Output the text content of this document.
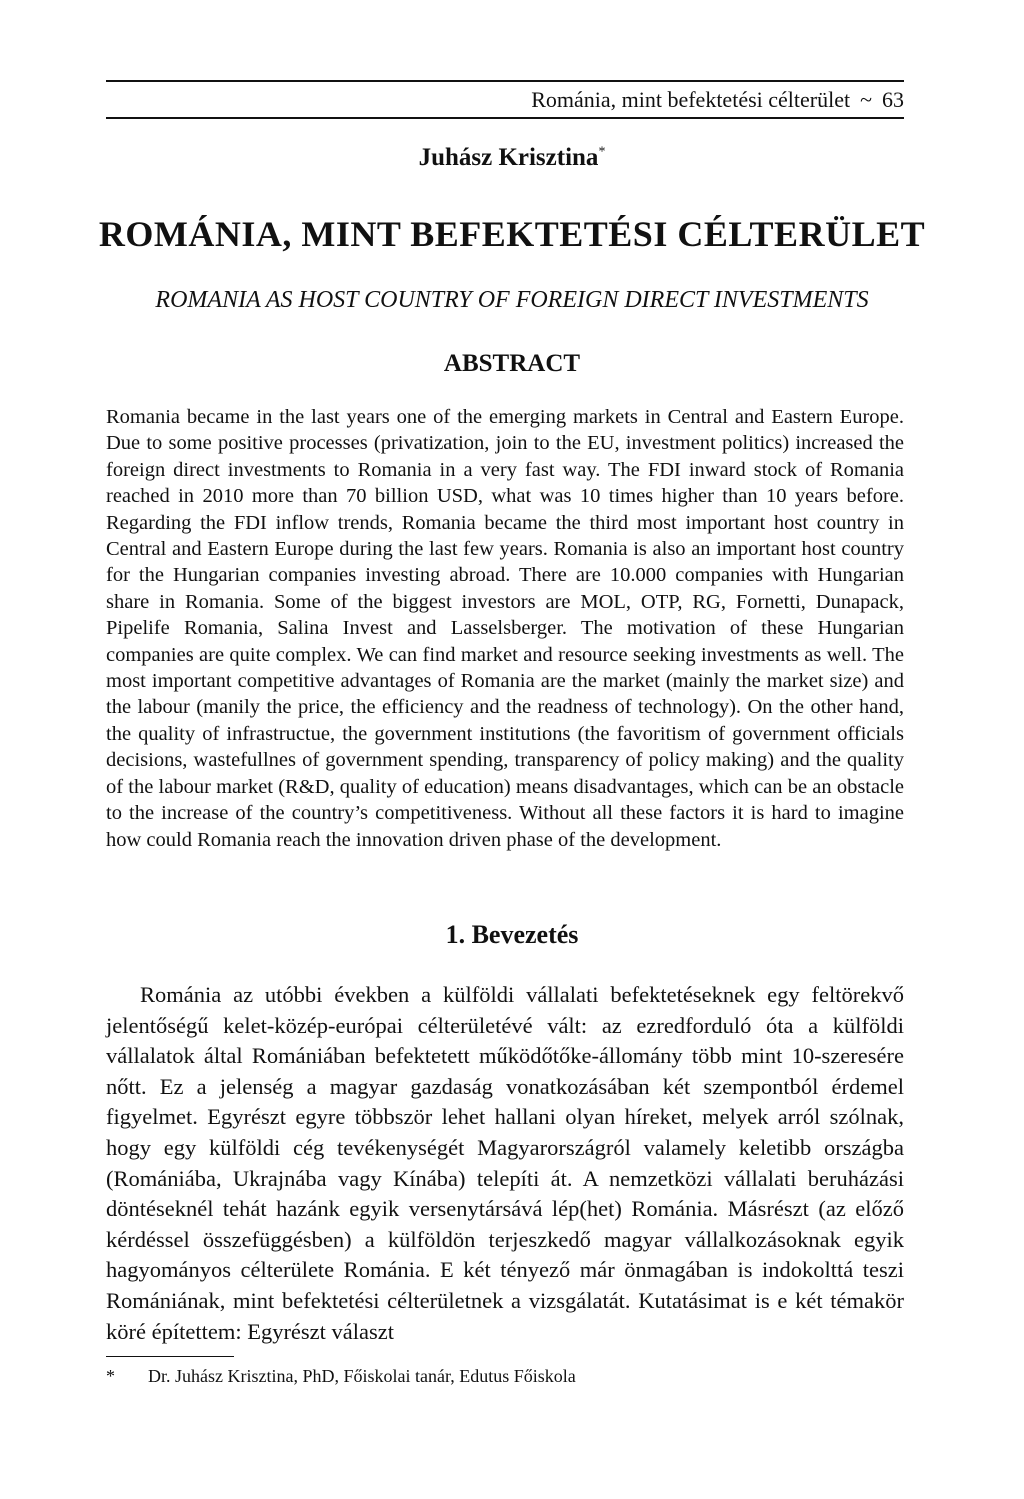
Románia, mint befektetési célterület ~ 63
Juhász Krisztina*
ROMÁNIA, MINT BEFEKTETÉSI CÉLTERÜLET
ROMANIA AS HOST COUNTRY OF FOREIGN DIRECT INVESTMENTS
ABSTRACT

Romania became in the last years one of the emerging markets in Central and Eastern Europe. Due to some positive processes (privatization, join to the EU, investment politics) increased the foreign direct investments to Romania in a very fast way. The FDI inward stock of Romania reached in 2010 more than 70 billion USD, what was 10 times higher than 10 years before. Regarding the FDI inflow trends, Romania became the third most important host country in Central and Eastern Europe during the last few years. Romania is also an important host country for the Hungarian companies investing abroad. There are 10.000 companies with Hungarian share in Romania. Some of the biggest investors are MOL, OTP, RG, Fornetti, Dunapack, Pipelife Romania, Salina Invest and Lasselsberger. The motivation of these Hungarian companies are quite complex. We can find market and resource seeking investments as well. The most important competitive advantages of Romania are the market (mainly the market size) and the labour (manily the price, the efficiency and the readness of technology). On the other hand, the quality of infrastructue, the government institutions (the favoritism of government officials decisions, wastefullnes of government spending, transparency of policy making) and the quality of the labour market (R&D, quality of education) means disadvantages, which can be an obstacle to the increase of the country’s competitiveness. Without all these factors it is hard to imagine how could Romania reach the innovation driven phase of the development.

1. Bevezetés

Románia az utóbbi években a külföldi vállalati befektetéseknek egy feltörekvő jelentőségű kelet-közép-európai célterületévé vált: az ezredforduló óta a külföldi vállalatok által Romániában befektetett működőtőke-állomány több mint 10-szeresére nőtt. Ez a jelenség a magyar gazdaság vonatkozásában két szempontból érdemel figyelmet. Egyrészt egyre többször lehet hallani olyan híreket, melyek arról szólnak, hogy egy külföldi cég tevékenységét Magyarországról valamely keletibb országba (Romániába, Ukrajnába vagy Kínába) telepíti át. A nemzetközi vállalati beruházási döntéseknél tehát hazánk egyik versenytársává lép(het) Románia. Másrészt (az előző kérdéssel összefüggésben) a külföldön terjeszkedő magyar vállalkozásoknak egyik hagyományos célterülete Románia. E két tényező már önmagában is indokolttá teszi Romániának, mint befektetési célterületnek a vizsgálatát. Kutatásimat is e két témakör köré építettem: Egyrészt választ

* Dr. Juhász Krisztina, PhD, Főiskolai tanár, Edutus Főiskola
